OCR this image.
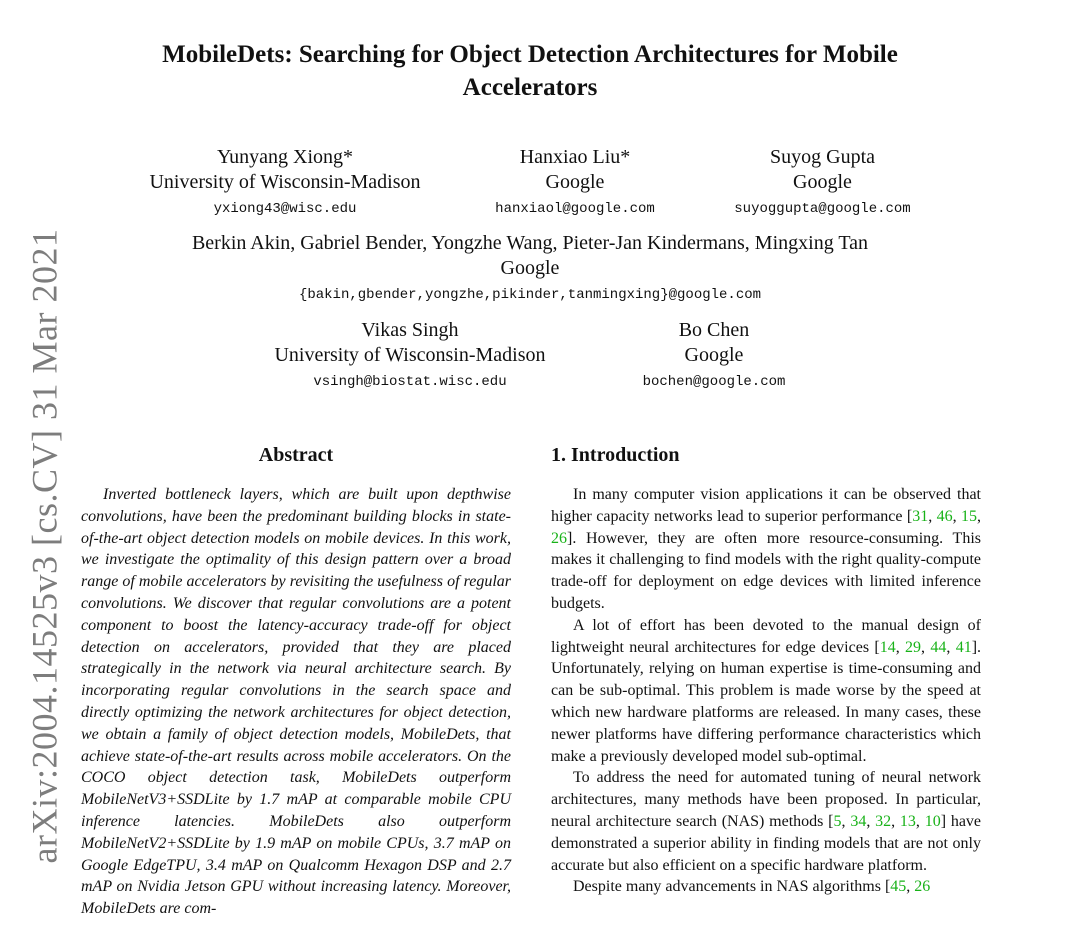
arXiv:2004.14525v3 [cs.CV] 31 Mar 2021
MobileDets: Searching for Object Detection Architectures for Mobile Accelerators
Yunyang Xiong*
University of Wisconsin-Madison
yxiong43@wisc.edu
Hanxiao Liu*
Google
hanxiaol@google.com
Suyog Gupta
Google
suyoggupta@google.com
Berkin Akin, Gabriel Bender, Yongzhe Wang, Pieter-Jan Kindermans, Mingxing Tan
Google
{bakin,gbender,yongzhe,pikinder,tanmingxing}@google.com
Vikas Singh
University of Wisconsin-Madison
vsingh@biostat.wisc.edu
Bo Chen
Google
bochen@google.com
Abstract

Inverted bottleneck layers, which are built upon depthwise convolutions, have been the predominant building blocks in state-of-the-art object detection models on mobile devices. In this work, we investigate the optimality of this design pattern over a broad range of mobile accelerators by revisiting the usefulness of regular convolutions. We discover that regular convolutions are a potent component to boost the latency-accuracy trade-off for object detection on accelerators, provided that they are placed strategically in the network via neural architecture search. By incorporating regular convolutions in the search space and directly optimizing the network architectures for object detection, we obtain a family of object detection models, MobileDets, that achieve state-of-the-art results across mobile accelerators. On the COCO object detection task, MobileDets outperform MobileNetV3+SSDLite by 1.7 mAP at comparable mobile CPU inference latencies. MobileDets also outperform MobileNetV2+SSDLite by 1.9 mAP on mobile CPUs, 3.7 mAP on Google EdgeTPU, 3.4 mAP on Qualcomm Hexagon DSP and 2.7 mAP on Nvidia Jetson GPU without increasing latency. Moreover, MobileDets are com-

1. Introduction

In many computer vision applications it can be observed that higher capacity networks lead to superior performance [31, 46, 15, 26]. However, they are often more resource-consuming. This makes it challenging to find models with the right quality-compute trade-off for deployment on edge devices with limited inference budgets.

A lot of effort has been devoted to the manual design of lightweight neural architectures for edge devices [14, 29, 44, 41]. Unfortunately, relying on human expertise is time-consuming and can be sub-optimal. This problem is made worse by the speed at which new hardware platforms are released. In many cases, these newer platforms have differing performance characteristics which make a previously developed model sub-optimal.

To address the need for automated tuning of neural network architectures, many methods have been proposed. In particular, neural architecture search (NAS) methods [5, 34, 32, 13, 10] have demonstrated a superior ability in finding models that are not only accurate but also efficient on a specific hardware platform.

Despite many advancements in NAS algorithms [45, 26
